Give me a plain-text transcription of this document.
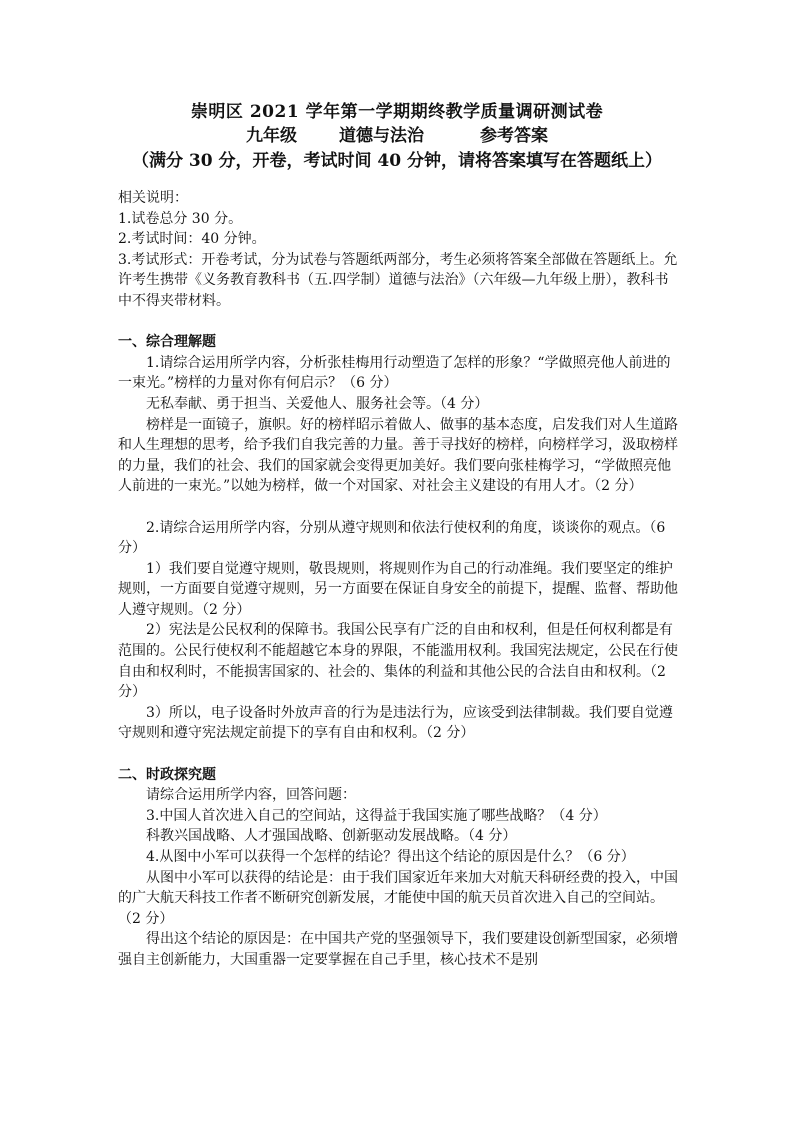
崇明区 2021 学年第一学期期终教学质量调研测试卷
九年级 道德与法治	参考答案
（满分 30 分，开卷，考试时间 40 分钟，请将答案填写在答题纸上）

相关说明：

1.试卷总分 30 分。

2.考试时间：40 分钟。

3.考试形式：开卷考试，分为试卷与答题纸两部分，考生必须将答案全部做在答题纸上。允许考生携带《义务教育教科书（五.四学制）道德与法治》（六年级—九年级上册），教科书中不得夹带材料。

一、综合理解题

1.请综合运用所学内容，分析张桂梅用行动塑造了怎样的形象？“学做照亮他人前进的一束光。”榜样的力量对你有何启示？（6 分）

无私奉献、勇于担当、关爱他人、服务社会等。（4 分）

榜样是一面镜子，旗帜。好的榜样昭示着做人、做事的基本态度，启发我们对人生道路和人生理想的思考，给予我们自我完善的力量。善于寻找好的榜样，向榜样学习，汲取榜样的力量，我们的社会、我们的国家就会变得更加美好。我们要向张桂梅学习，“学做照亮他人前进的一束光。”以她为榜样，做一个对国家、对社会主义建设的有用人才。（2 分）

2.请综合运用所学内容，分别从遵守规则和依法行使权利的角度，谈谈你的观点。（6 分）

1）我们要自觉遵守规则，敬畏规则，将规则作为自己的行动准绳。我们要坚定的维护规则，一方面要自觉遵守规则，另一方面要在保证自身安全的前提下，提醒、监督、帮助他人遵守规则。（2 分）

2）宪法是公民权利的保障书。我国公民享有广泛的自由和权利，但是任何权利都是有范围的。公民行使权利不能超越它本身的界限，不能滥用权利。我国宪法规定，公民在行使自由和权利时，不能损害国家的、社会的、集体的利益和其他公民的合法自由和权利。（2 分）

3）所以，电子设备时外放声音的行为是违法行为，应该受到法律制裁。我们要自觉遵守规则和遵守宪法规定前提下的享有自由和权利。（2 分）

二、时政探究题

请综合运用所学内容，回答问题：

3.中国人首次进入自己的空间站，这得益于我国实施了哪些战略？（4 分）

科教兴国战略、人才强国战略、创新驱动发展战略。（4 分）

4.从图中小军可以获得一个怎样的结论？得出这个结论的原因是什么？（6 分）

从图中小军可以获得的结论是：由于我们国家近年来加大对航天科研经费的投入，中国的广大航天科技工作者不断研究创新发展，才能使中国的航天员首次进入自己的空间站。（2 分）

得出这个结论的原因是：在中国共产党的坚强领导下，我们要建设创新型国家，必须增强自主创新能力，大国重器一定要掌握在自己手里，核心技术不是别
